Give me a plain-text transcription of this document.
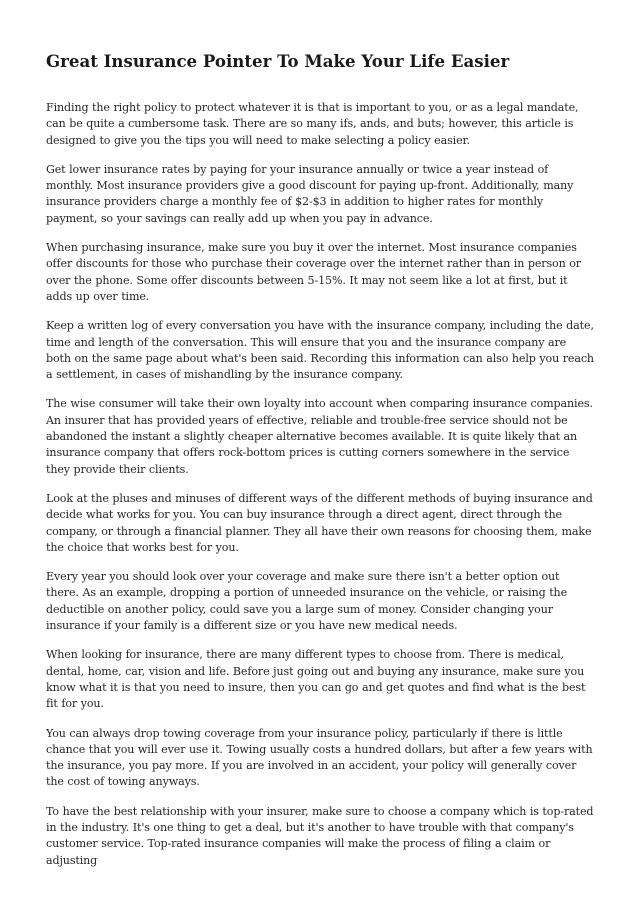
Great Insurance Pointer To Make Your Life Easier

Finding the right policy to protect whatever it is that is important to you, or as a legal mandate, can be quite a cumbersome task. There are so many ifs, ands, and buts; however, this article is designed to give you the tips you will need to make selecting a policy easier.

Get lower insurance rates by paying for your insurance annually or twice a year instead of monthly. Most insurance providers give a good discount for paying up-front. Additionally, many insurance providers charge a monthly fee of $2-$3 in addition to higher rates for monthly payment, so your savings can really add up when you pay in advance.

When purchasing insurance, make sure you buy it over the internet. Most insurance companies offer discounts for those who purchase their coverage over the internet rather than in person or over the phone. Some offer discounts between 5-15%. It may not seem like a lot at first, but it adds up over time.

Keep a written log of every conversation you have with the insurance company, including the date, time and length of the conversation. This will ensure that you and the insurance company are both on the same page about what's been said. Recording this information can also help you reach a settlement, in cases of mishandling by the insurance company.

The wise consumer will take their own loyalty into account when comparing insurance companies. An insurer that has provided years of effective, reliable and trouble-free service should not be abandoned the instant a slightly cheaper alternative becomes available. It is quite likely that an insurance company that offers rock-bottom prices is cutting corners somewhere in the service they provide their clients.

Look at the pluses and minuses of different ways of the different methods of buying insurance and decide what works for you. You can buy insurance through a direct agent, direct through the company, or through a financial planner. They all have their own reasons for choosing them, make the choice that works best for you.

Every year you should look over your coverage and make sure there isn't a better option out there. As an example, dropping a portion of unneeded insurance on the vehicle, or raising the deductible on another policy, could save you a large sum of money. Consider changing your insurance if your family is a different size or you have new medical needs.

When looking for insurance, there are many different types to choose from. There is medical, dental, home, car, vision and life. Before just going out and buying any insurance, make sure you know what it is that you need to insure, then you can go and get quotes and find what is the best fit for you.

You can always drop towing coverage from your insurance policy, particularly if there is little chance that you will ever use it. Towing usually costs a hundred dollars, but after a few years with the insurance, you pay more. If you are involved in an accident, your policy will generally cover the cost of towing anyways.

To have the best relationship with your insurer, make sure to choose a company which is top-rated in the industry. It's one thing to get a deal, but it's another to have trouble with that company's customer service. Top-rated insurance companies will make the process of filing a claim or adjusting
